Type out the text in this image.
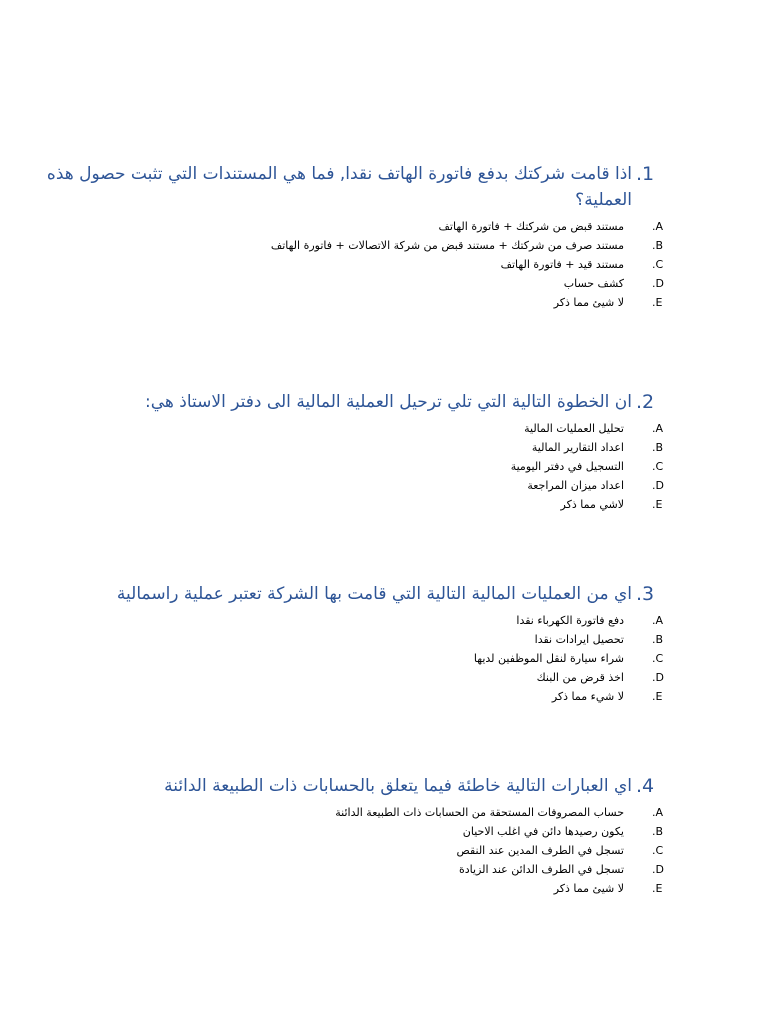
.1
اذا قامت شركتك بدفع فاتورة الهاتف نقدا, فما هي المستندات التي تثبت حصول هذه العملية؟
.A
مستند قبض من شركتك + فاتورة الهاتف
.B
مستند صرف من شركتك + مستند قبض من شركة الاتصالات + فاتورة الهاتف
.C
مستند قيد + فاتورة الهاتف
.D
كشف حساب
.E
لا شيئ مما ذكر
.2
ان الخطوة التالية التي تلي ترحيل العملية المالية الى دفتر الاستاذ هي:
.A
تحليل العمليات المالية
.B
اعداد التقارير المالية
.C
التسجيل في دفتر اليومية
.D
اعداد ميزان المراجعة
.E
لاشي مما ذكر
.3
اي من العمليات المالية التالية التي قامت بها الشركة تعتبر عملية راسمالية
.A
دفع فاتورة الكهرباء نقدا
.B
تحصيل ايرادات نقدا
.C
شراء سيارة لنقل الموظفين لديها
.D
اخذ قرض من البنك
.E
لا شيء مما ذكر
.4
اي العبارات التالية خاطئة فيما يتعلق بالحسابات ذات الطبيعة الدائنة
.A
حساب المصروفات المستحقة من الحسابات ذات الطبيعة الدائنة
.B
يكون رصيدها دائن في اغلب الاحيان
.C
تسجل في الطرف المدين عند النقص
.D
تسجل في الطرف الدائن عند الزيادة
.E
لا شيئ مما ذكر
